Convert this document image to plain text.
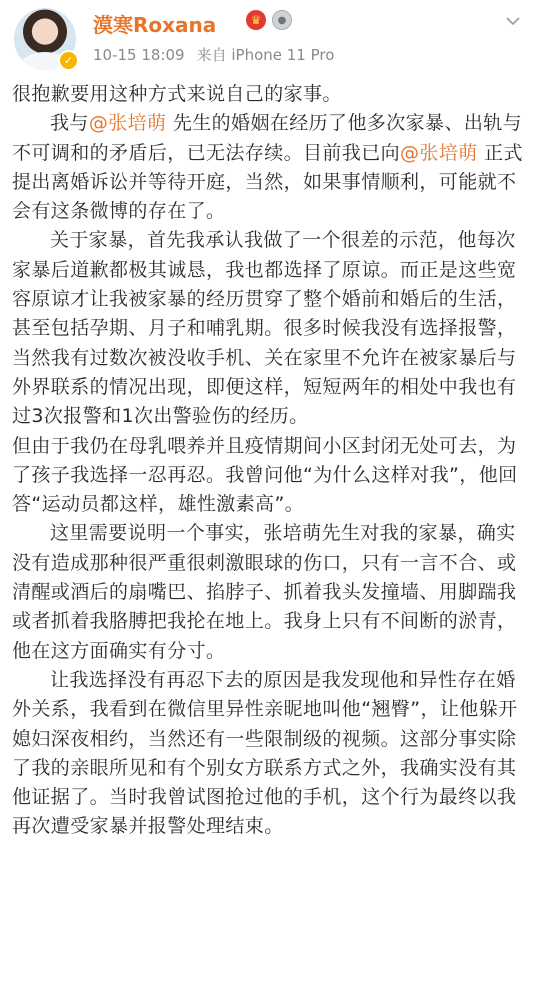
✓
漠寒Roxana	♛	●
10-15 18:09 来自 iPhone 11 Pro

很抱歉要用这种方式来说自己的家事。

我与@张培萌 先生的婚姻在经历了他多次家暴、出轨与不可调和的矛盾后，已无法存续。目前我已向@张培萌 正式提出离婚诉讼并等待开庭，当然，如果事情顺利，可能就不会有这条微博的存在了。

关于家暴，首先我承认我做了一个很差的示范，他每次家暴后道歉都极其诚恳，我也都选择了原谅。而正是这些宽容原谅才让我被家暴的经历贯穿了整个婚前和婚后的生活，甚至包括孕期、月子和哺乳期。很多时候我没有选择报警，当然我有过数次被没收手机、关在家里不允许在被家暴后与外界联系的情况出现，即便这样，短短两年的相处中我也有过3次报警和1次出警验伤的经历。

但由于我仍在母乳喂养并且疫情期间小区封闭无处可去，为了孩子我选择一忍再忍。我曾问他“为什么这样对我”，他回答“运动员都这样，雄性激素高”。

这里需要说明一个事实，张培萌先生对我的家暴，确实没有造成那种很严重很刺激眼球的伤口，只有一言不合、或清醒或酒后的扇嘴巴、掐脖子、抓着我头发撞墙、用脚踹我或者抓着我胳膊把我抡在地上。我身上只有不间断的淤青，他在这方面确实有分寸。

让我选择没有再忍下去的原因是我发现他和异性存在婚外关系，我看到在微信里异性亲昵地叫他“翘臀”，让他躲开媳妇深夜相约，当然还有一些限制级的视频。这部分事实除了我的亲眼所见和有个别女方联系方式之外，我确实没有其他证据了。当时我曾试图抢过他的手机，这个行为最终以我再次遭受家暴并报警处理结束。
